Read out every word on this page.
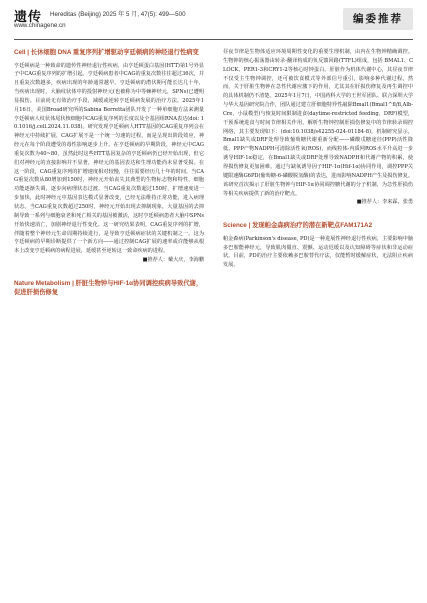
遗传 Hereditas (Beijing) 2025 年 5 月, 47(5): 499—500
www.chinagene.cn
编委推荐

Cell | 长休细胞 DNA 重复序列扩增驱动亨廷顿病的神经退行性病变

亨廷顿病是一种致命的遗传性神经退行性疾病，由亨廷顿蛋白基因(HTT)第1号外显子中CAG重复序列的扩增引起。亨廷顿病患者中CAG的重复次数往往超过36次，并且重复次数越多，疾病出现的年龄通常越早。亨廷顿病的潜伏期可能长达几十年，当疾病出现时，大脑纹状体中的投射神经元(也被称为中等棘神经元，SPNs)已遭明显损伤。目前尚无有效治疗手段，减缓或逆转亨廷顿病发展的治疗方法。2025年1月16日，美国Broad研究所的Sabina Berretta团队开发了一种单细胞方法来测量亨廷顿病人纹状体尾状核细胞中CAG重复序列的长度以及全基因组RNA表达(doi: 10.1016/j.cell.2024.11.038)。研究发现亨廷顿病人HTT基因的CAG重复序列会在神经元中持续扩展，CAG扩展不是一个统一匀速的过程，而是呈现出阶段效应，神经元在每个阶段遭受的毒性影响逐步上升。在亨廷顿病的早期阶段，神经元中CAG重复次数为40~80，虽然此时这些HTT基因复杂的亨廷顿病仍已经开始出现，但它们对神经元的直接影响并不显著，神经元的基因表达和生理功能尚未显著受损。在这一阶段，CAG重复序列的扩增速度相对较慢，往往需要经历几十年的时间。当CAG重复次数从80增加到150时，神经元开始丧失其典型的生物标志物和特性，细胞功能逐渐失调，逐步向病理状态过渡。当CAG重复次数超过150时，扩增速度进一步加快，此时神经元中基因表达模式显著改变，已经无法维持正常功能，进入病理状态。当CAG重复次数超过250时，神经元开始出现去抑制现象，大量基因的去抑制导致一系列与细胞衰老和死亡相关的基因被激活，这时亨廷顿病患者大脑中SPNs开始快速消亡，加剧神经退行性变化。这一研究结果表明，CAG重复序列的扩增，伴随着整个神经元生命周期持续进行，是导致亨廷顿病症状的关键机制之一。这为亨廷顿病的早期诊断提供了一个新方向——通过控制CAG扩展的速率或许能够从根本上改变亨廷顿病的病程进展，延缓甚至逆转这一致命疾病的进程。

■推荐人：戴大庆，李海鹏

Nature Metabolism | 肝脏生物钟与HIF-1α协同调控疾病导致代谢，促进肝损伤修复

昼夜节律是生物体适应环境周期性变化的重要生理机制，由内在生物钟精确调控。生物钟的核心振荡器由转录-翻译构成的负反馈回路(TTFL)组成，包括 BMAL1、CLOCK、PER1-3和CRY1-2等核心时钟蛋白。肝脏作为机体代谢中心，其昼夜节律不仅受主生物钟调控，还可被饮食模式等外部信号重引，影响多种代谢过程。然而，关于肝脏生物钟在急性代谢应激下的作用，尤其其在肝损伤修复及再生调控中的具体机制仍不清楚。2025年1月7日，中国药科大学的王世军团队、联合深圳大学与华大基因研究院合作，团队通过建立肝细胞特异性敲除Bmal1(Bmal1^fl/fl,Alb-Cre，小鼠模型)与恢复时间限制进食(daytime-restricted feeding，DRF)模型，干预系统进食与时间节律相关作用，解析生物钟控制肝损伤修复中的节律转录调控网络，其主要发现如下：(doi:10.1038/s42255-024-01184-8)。机制研究显示，Bmal1缺失或DRF处理导致葡萄糖代谢重新分配——磷酸戊糖途径(PPP)活性降低，PPP产物NADPH可清除活性氧(ROS)，而线粒体-内质网ROS水平升高进一步诱导HIF-1α稳定，在Bmal1缺失或DRF处理导致NADPH和代谢产物的积累，使得损伤修复更加困难。通过与缺氧诱导因子HIF-1α(Hif-1α)协同作用，调控PPP关键限速酶G6PD(葡萄糖-6-磷酸脱氢酶)的表达，进而影响NADPH产生及损伤修复。该研究首次揭示了肝脏生物钟与HIF-1α协同调控糖代谢的分子机制，为急性肝损伤等相关疾病提供了新的治疗靶点。

■推荐人：李来霖，张勇

Science | 发现帕金森病治疗的潜在新靶点FAM171A2

帕金森病(Parkinson's disease, PD)是一种进展性神经退行性疾病，主要影响中脑多巴胺能神经元，导致肌肉僵直、震颤、运动迟缓以及认知障碍等症状和非运动症状。目前，PD的治疗主要依赖多巴胺替代疗法，仅能暂时缓解症状，无法阻止疾病发展。
